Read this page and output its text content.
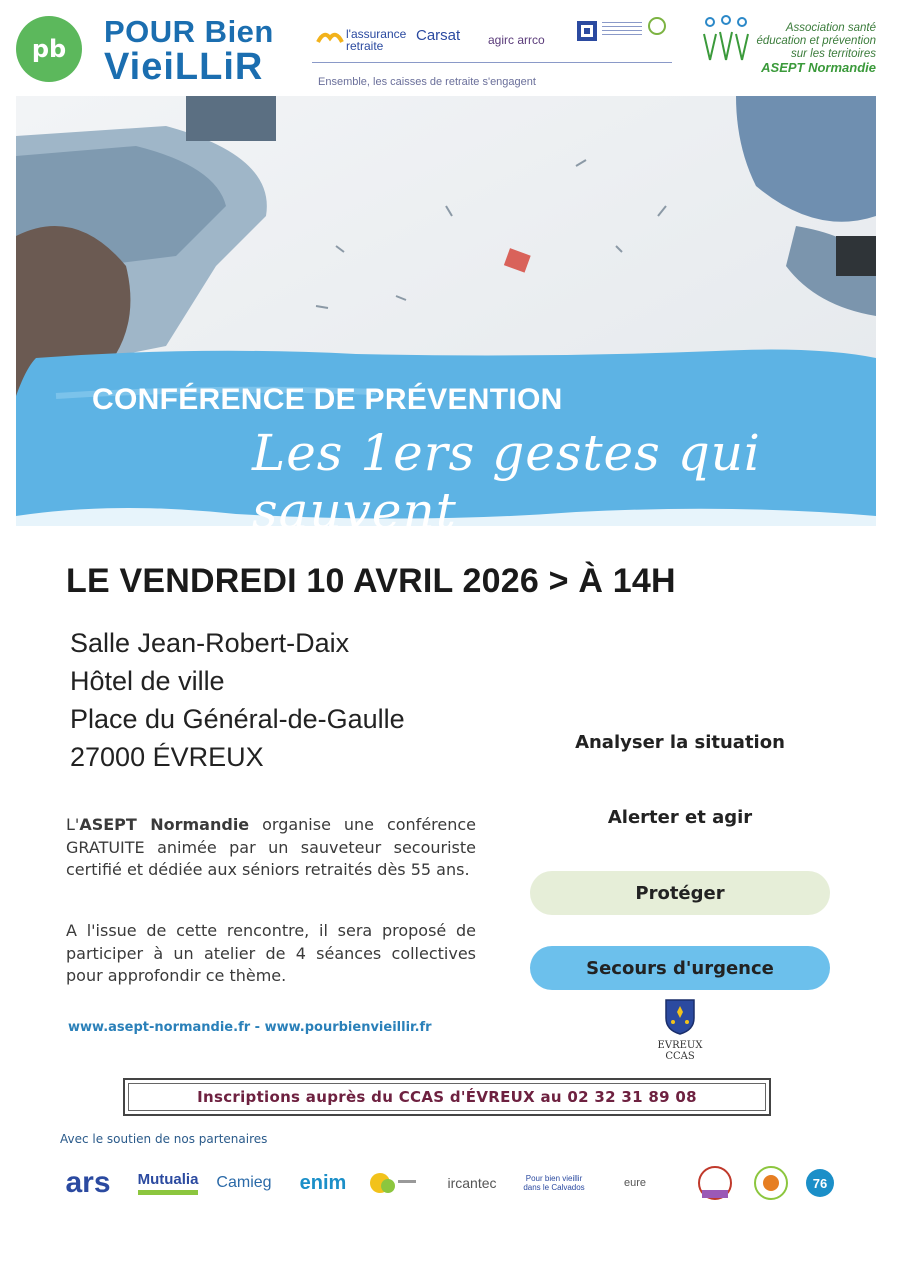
pb	POUR Bien
VieiLLiR
l'assurance retraite
Carsat agirc arrco
Ensemble, les caisses de retraite s'engagent
Association santé
éducation et prévention
sur les territoires
ASEPT Normandie
CONFÉRENCE DE PRÉVENTION
Les 1ers gestes qui sauvent
LE VENDREDI 10 AVRIL 2026 > À 14H
Salle Jean-Robert-Daix
Hôtel de ville
Place du Général-de-Gaulle
27000 ÉVREUX
L'ASEPT Normandie organise une conférence GRATUITE animée par un sauveteur secouriste certifié et dédiée aux séniors retraités dès 55 ans.
A l'issue de cette rencontre, il sera proposé de participer à un atelier de 4 séances collectives pour approfondir ce thème.
www.asept-normandie.fr - www.pourbienvieillir.fr
Analyser la situation
Alerter et agir
Protéger
Secours d'urgence
EVREUX
CCAS
Inscriptions auprès du CCAS d'ÉVREUX au 02 32 31 89 08
Avec le soutien de nos partenaires
ars Mutualia Camieg enim	ircantec	Pour bien vieillir dans le Calvados	eure	76
